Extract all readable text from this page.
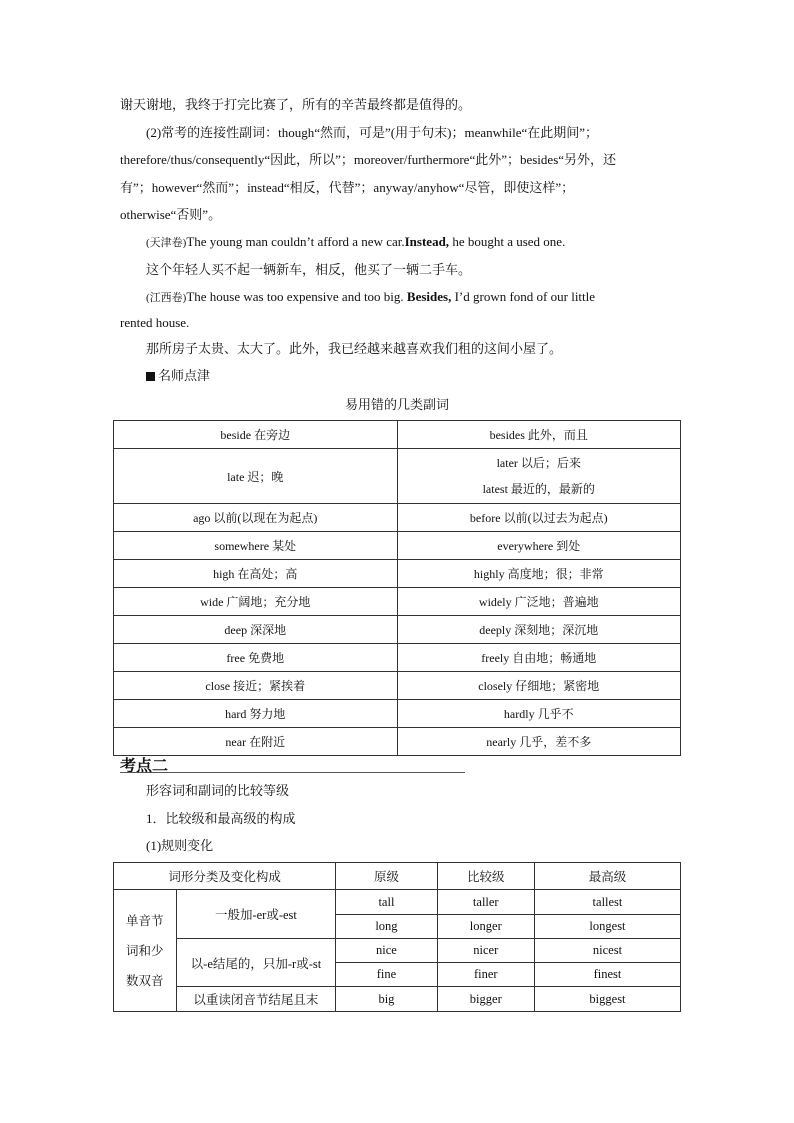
谢天谢地，我终于打完比赛了，所有的辛苦最终都是值得的。
(2)常考的连接性副词：though“然而，可是”(用于句末)；meanwhile“在此期间”；
therefore/thus/consequently“因此，所以”；moreover/furthermore“此外”；besides“另外，还
有”；however“然而”；instead“相反，代替”；anyway/anyhow“尽管，即使这样”；
otherwise“否则”。
(天津卷)The young man couldn’t afford a new car.Instead, he bought a used one.
这个年轻人买不起一辆新车，相反，他买了一辆二手车。
(江西卷)The house was too expensive and too big. Besides, I’d grown fond of our little
rented house.
那所房子太贵、太大了。此外，我已经越来越喜欢我们租的这间小屋了。
名师点津
易用错的几类副词
beside 在旁边	besides 此外，而且

late 迟；晚	later 以后；后来
latest 最近的，最新的

ago 以前(以现在为起点)	before 以前(以过去为起点)

somewhere 某处	everywhere 到处

high 在高处；高	highly 高度地；很；非常

wide 广阔地；充分地	widely 广泛地；普遍地

deep 深深地	deeply 深刻地；深沉地

free 免费地	freely 自由地；畅通地

close 接近；紧挨着	closely 仔细地；紧密地

hard 努力地	hardly 几乎不

near 在附近	nearly 几乎，差不多
考点二
形容词和副词的比较等级
1．比较级和最高级的构成
(1)规则变化
词形分类及变化构成		原级	比较级	最高级

单音节
词和少
数双音	一般加-er或-est	tall	taller	tallest
		long	longer	longest
	以-e结尾的，只加-r或-st	nice	nicer	nicest
		fine	finer	finest
	以重读闭音节结尾且末	big	bigger	biggest
